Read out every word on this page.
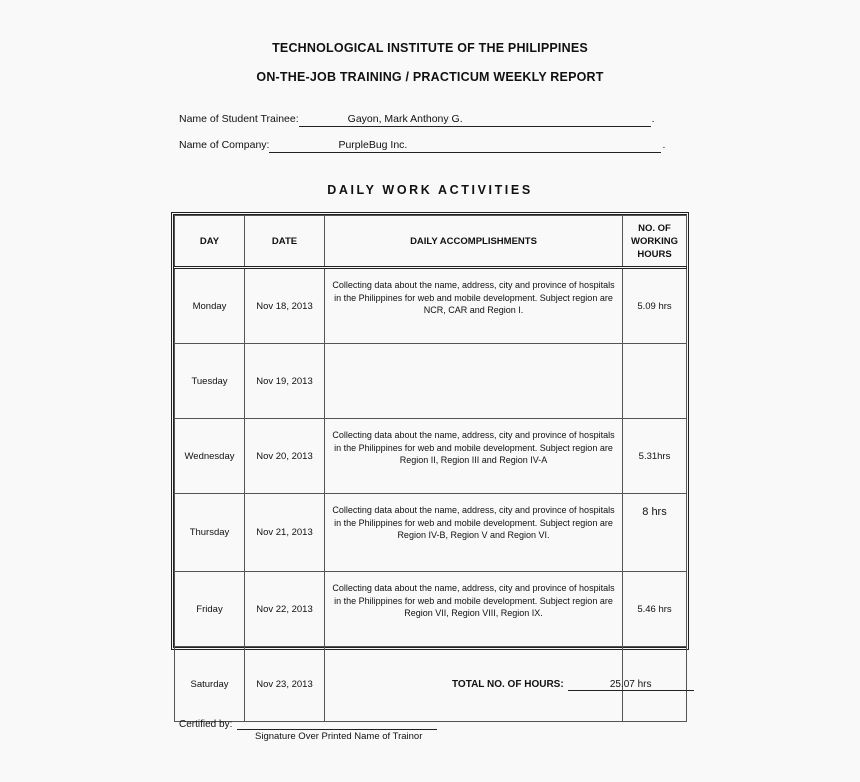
TECHNOLOGICAL INSTITUTE OF THE PHILIPPINES
ON-THE-JOB TRAINING / PRACTICUM WEEKLY REPORT
Name of Student Trainee:	Gayon, Mark Anthony G.	.
Name of Company:	PurpleBug Inc.	.
DAILY WORK ACTIVITIES
DAY	DATE	DAILY ACCOMPLISHMENTS	NO. OF
WORKING
HOURS

Monday	Nov 18, 2013	Collecting data about the name, address, city and province of hospitals in the Philippines for web and mobile development. Subject region are NCR, CAR and Region I.	5.09 hrs
Tuesday	Nov 19, 2013		
Wednesday	Nov 20, 2013	Collecting data about the name, address, city and province of hospitals in the Philippines for web and mobile development. Subject region are Region II, Region III and Region IV-A	5.31hrs
Thursday	Nov 21, 2013	Collecting data about the name, address, city and province of hospitals in the Philippines for web and mobile development. Subject region are Region IV-B, Region V and Region VI.	8 hrs
Friday	Nov 22, 2013	Collecting data about the name, address, city and province of hospitals in the Philippines for web and mobile development. Subject region are Region VII, Region VIII, Region IX.	5.46 hrs
Saturday	Nov 23, 2013			TOTAL NO. OF HOURS:	25.07 hrs
Certified by:
Signature Over Printed Name of Trainor
